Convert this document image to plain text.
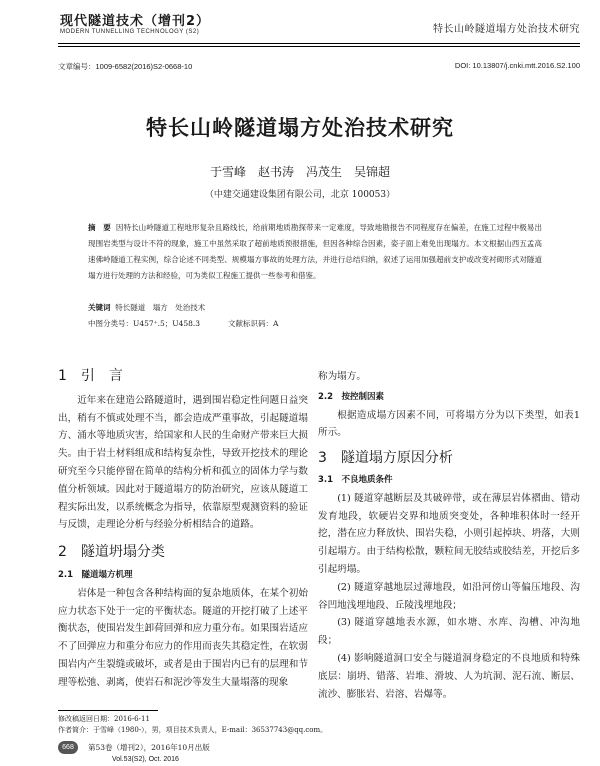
现代隧道技术（增刊2）
MODERN TUNNELLING TECHNOLOGY (S2)	特长山岭隧道塌方处治技术研究
文章编号：1009-6582(2016)S2-0668-10	DOI: 10.13807/j.cnki.mtt.2016.S2.100
特长山岭隧道塌方处治技术研究
于雪峰　赵书涛　冯茂生　吴锦超
（中建交通建设集团有限公司，北京 100053）
摘　要 因特长山岭隧道工程地形复杂且路线长，给前期地质勘探带来一定难度，导致地勘报告不同程度存在偏差，在施工过程中极易出现围岩类型与设计不符的现象，施工中虽然采取了超前地质预报措施，但因各种综合因素，姿子面上难免出现塌方。本文根据山西五孟高速佛岭隧道工程实例，综合论述不同类型、规模塌方事故的处理方法，并进行总结归纳，叙述了运用加强超前支护或改变衬砌形式对隧道塌方进行处理的方法和经验，可为类似工程施工提供一些参考和借鉴。
关键词 特长隧道　塌方　处治技术
中图分类号：U457⁺.5；U458.3	文献标识码：A

1　引　言

近年来在建造公路隧道时，遇到围岩稳定性问题日益突出，稍有不慎或处理不当，都会造成严重事故，引起隧道塌方、涌水等地质灾害，给国家和人民的生命财产带来巨大损失。由于岩土材料组成和结构复杂性，导致开挖技术的理论研究至今只能停留在简单的结构分析和孤立的固体力学与数值分析领域。因此对于隧道塌方的防治研究，应该从隧道工程实际出发，以系统概念为指导，依靠原型观测资料的验证与反馈，走理论分析与经验分析相结合的道路。

2　隧道坍塌分类

2.1　隧道塌方机理

岩体是一种包含各种结构面的复杂地质体，在某个初始应力状态下处于一定的平衡状态。隧道的开挖打破了上述平衡状态，使围岩发生卸荷回弹和应力重分布。如果围岩适应不了回弹应力和重分布应力的作用而丧失其稳定性，在软弱围岩内产生裂缝或破坏，或者是由于围岩内已有的层理和节理等松弛、剥离，使岩石和泥沙等发生大量塌落的现象

称为塌方。

2.2　按控制因素

根据造成塌方因素不同，可将塌方分为以下类型，如表1所示。

3　隧道塌方原因分析

3.1　不良地质条件

(1) 隧道穿越断层及其破碎带，或在薄层岩体褶曲、错动发育地段，软硬岩交界和地质突变处，各种堆积体时一经开挖，潜在应力释放快、围岩失稳，小则引起掉块、坍落，大则引起塌方。由于结构松散，颗粒间无胶结或胶结差，开挖后多引起坍塌。

(2) 隧道穿越地层过薄地段，如沿河傍山等偏压地段、沟谷凹地浅埋地段、丘陵浅埋地段；

(3) 隧道穿越地表水源，如水塘、水库、沟槽、冲沟地段；

(4) 影响隧道洞口安全与隧道洞身稳定的不良地质和特殊底层：崩坍、错落、岩堆、滑坡、人为坑洞、泥石流、断层、流沙、膨胀岩、岩溶、岩爆等。

修改稿返回日期：2016-6-11
作者简介：于雪峰（1980-），男，项目技术负责人，E-mail：36537743@qq.com。
668	第53卷（增刊2），2016年10月出版
Vol.53(S2), Oct. 2016
